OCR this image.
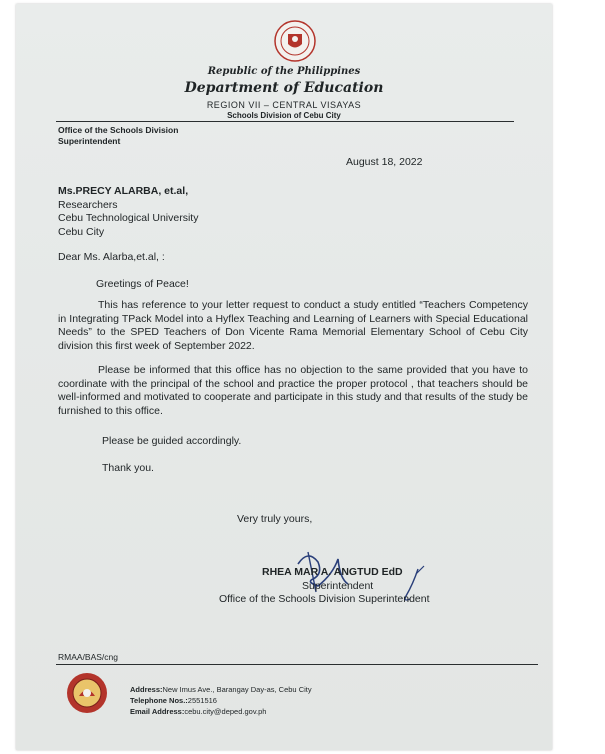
Republic of the Philippines
Department of Education
REGION VII – CENTRAL VISAYAS
Schools Division of Cebu City
Office of the Schools Division
Superintendent
August 18, 2022
Ms.PRECY ALARBA, et.al,
Researchers
Cebu Technological University
Cebu City
Dear Ms. Alarba,et.al, :
Greetings of Peace!
This has reference to your letter request to conduct a study entitled “Teachers Competency in Integrating TPack Model into a Hyflex Teaching and Learning of Learners with Special Educational Needs” to the SPED Teachers of Don Vicente Rama Memorial Elementary School of Cebu City division this first week of September 2022.
Please be informed that this office has no objection to the same provided that you have to coordinate with the principal of the school and practice the proper protocol , that teachers should be well-informed and motivated to cooperate and participate in this study and that results of the study be furnished to this office.
Please be guided accordingly.
Thank you.
Very truly yours,
RHEA MAR A. ANGTUD EdD
Superintendent
Office of the Schools Division Superintendent
RMAA/BAS/cng
Address:New Imus Ave., Barangay Day-as, Cebu City
Telephone Nos.:2551516
Email Address:cebu.city@deped.gov.ph
